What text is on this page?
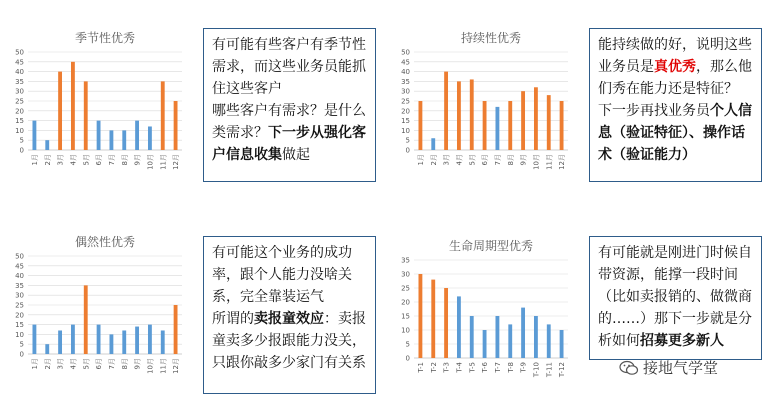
季节性优秀
0
5
10
15
20
25
30
35
40
45
50
1月 2月 3月 4月 5月 6月 7月 8月 9月 10月 11月 12月
持续性优秀
0
5
10
15
20
25
30
35
40
45
50
1月 2月 3月 4月 5月 6月 7月 8月 9月 10月 11月 12月
偶然性优秀
0
5
10
15
20
25
30
35
40
45
50
1月 2月 3月 4月 5月 6月 7月 8月 9月 10月 11月 12月
生命周期型优秀
0
5
10
15
20
25
30
35
T-1 T-2 T-3 T-4 T-5 T-6 T-7 T-8 T-9 T-10 T-11 T-12

有可能有些客户有季节性需求，而这些业务员能抓住这些客户

哪些客户有需求？是什么类需求？下一步从强化客户信息收集做起

能持续做的好，说明这些业务员是真优秀，那么他们秀在能力还是特征？

下一步再找业务员个人信息（验证特征）、操作话术（验证能力）

有可能这个业务的成功率，跟个人能力没啥关系，完全靠装运气

所谓的卖报童效应：卖报童卖多少报跟能力没关，只跟你敲多少家门有关系

有可能就是刚进门时候自带资源，能撑一段时间（比如卖报销的、做微商的……）那下一步就是分析如何招募更多新人

接地气学堂
